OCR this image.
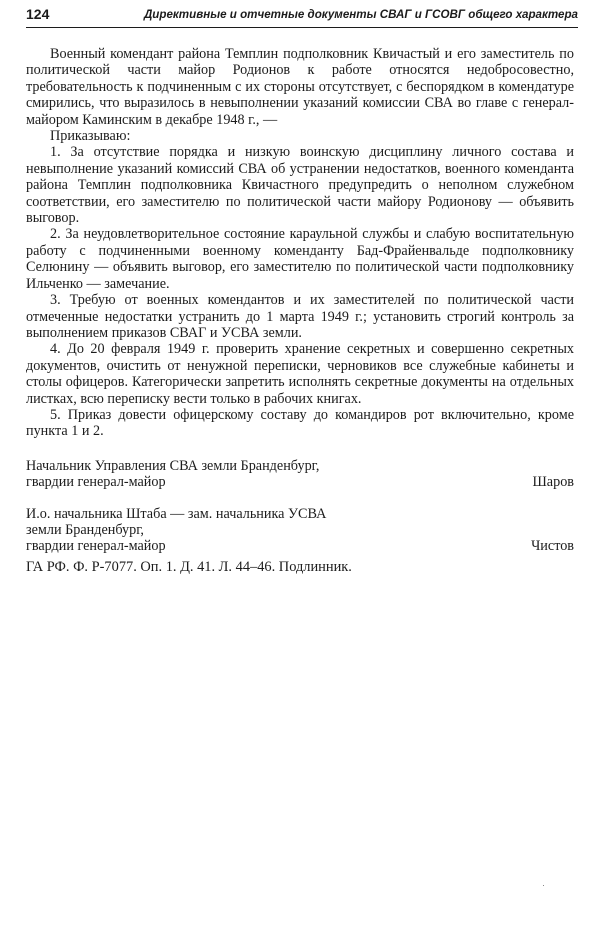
124	Директивные и отчетные документы СВАГ и ГСОВГ общего характера

Военный комендант района Темплин подполковник Квичастый и его заместитель по политической части майор Родионов к работе относятся недобросовестно, требовательность к подчиненным с их стороны отсутствует, с беспорядком в комендатуре смирились, что выразилось в невыполнении указаний комиссии СВА во главе с генерал-майором Каминским в декабре 1948 г., —

Приказываю:

1. За отсутствие порядка и низкую воинскую дисциплину личного состава и невыполнение указаний комиссий СВА об устранении недостатков, военного коменданта района Темплин подполковника Квичастного предупредить о неполном служебном соответствии, его заместителю по политической части майору Родионову — объявить выговор.

2. За неудовлетворительное состояние караульной службы и слабую воспитательную работу с подчиненными военному коменданту Бад-Фрайенвальде подполковнику Селюнину — объявить выговор, его заместителю по политической части подполковнику Ильченко — замечание.

3. Требую от военных комендантов и их заместителей по политической части отмеченные недостатки устранить до 1 марта 1949 г.; установить строгий контроль за выполнением приказов СВАГ и УСВА земли.

4. До 20 февраля 1949 г. проверить хранение секретных и совершенно секретных документов, очистить от ненужной переписки, черновиков все служебные кабинеты и столы офицеров. Категорически запретить исполнять секретные документы на отдельных листках, всю переписку вести только в рабочих книгах.

5. Приказ довести офицерскому составу до командиров рот включительно, кроме пункта 1 и 2.

Начальник Управления СВА земли Бранденбург,
гвардии генерал-майор	Шаров
И.о. начальника Штаба — зам. начальника УСВА
земли Бранденбург,
гвардии генерал-майор	Чистов
ГА РФ. Ф. Р-7077. Оп. 1. Д. 41. Л. 44–46. Подлинник.
